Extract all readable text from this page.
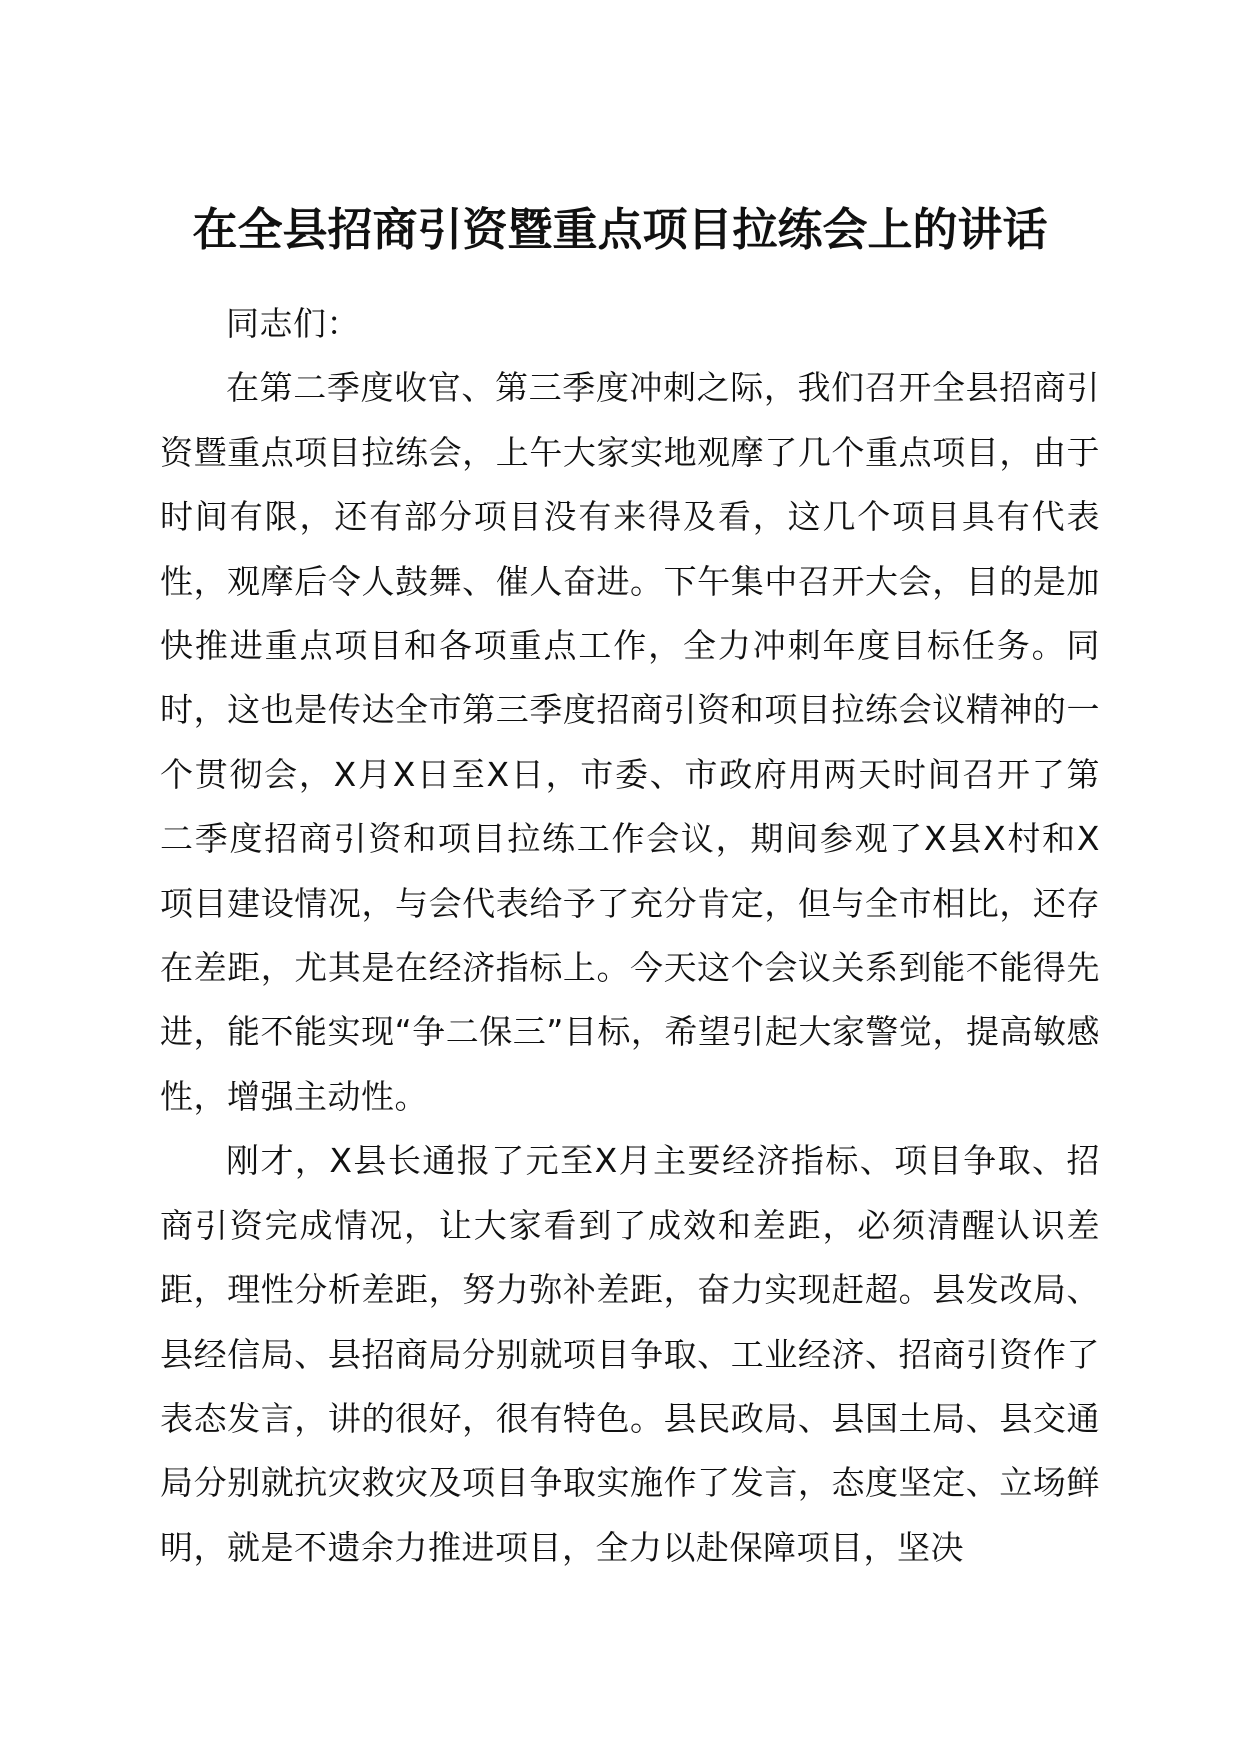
在全县招商引资暨重点项目拉练会上的讲话

同志们：

在第二季度收官、第三季度冲刺之际，我们召开全县招商引资暨重点项目拉练会，上午大家实地观摩了几个重点项目，由于时间有限，还有部分项目没有来得及看，这几个项目具有代表性，观摩后令人鼓舞、催人奋进。下午集中召开大会，目的是加快推进重点项目和各项重点工作，全力冲刺年度目标任务。同时，这也是传达全市第三季度招商引资和项目拉练会议精神的一个贯彻会，X月X日至X日，市委、市政府用两天时间召开了第二季度招商引资和项目拉练工作会议，期间参观了X县X村和X项目建设情况，与会代表给予了充分肯定，但与全市相比，还存在差距，尤其是在经济指标上。今天这个会议关系到能不能得先进，能不能实现“争二保三”目标，希望引起大家警觉，提高敏感性，增强主动性。

刚才，X县长通报了元至X月主要经济指标、项目争取、招商引资完成情况，让大家看到了成效和差距，必须清醒认识差距，理性分析差距，努力弥补差距，奋力实现赶超。县发改局、县经信局、县招商局分别就项目争取、工业经济、招商引资作了表态发言，讲的很好，很有特色。县民政局、县国土局、县交通局分别就抗灾救灾及项目争取实施作了发言，态度坚定、立场鲜明，就是不遗余力推进项目，全力以赴保障项目，坚决
